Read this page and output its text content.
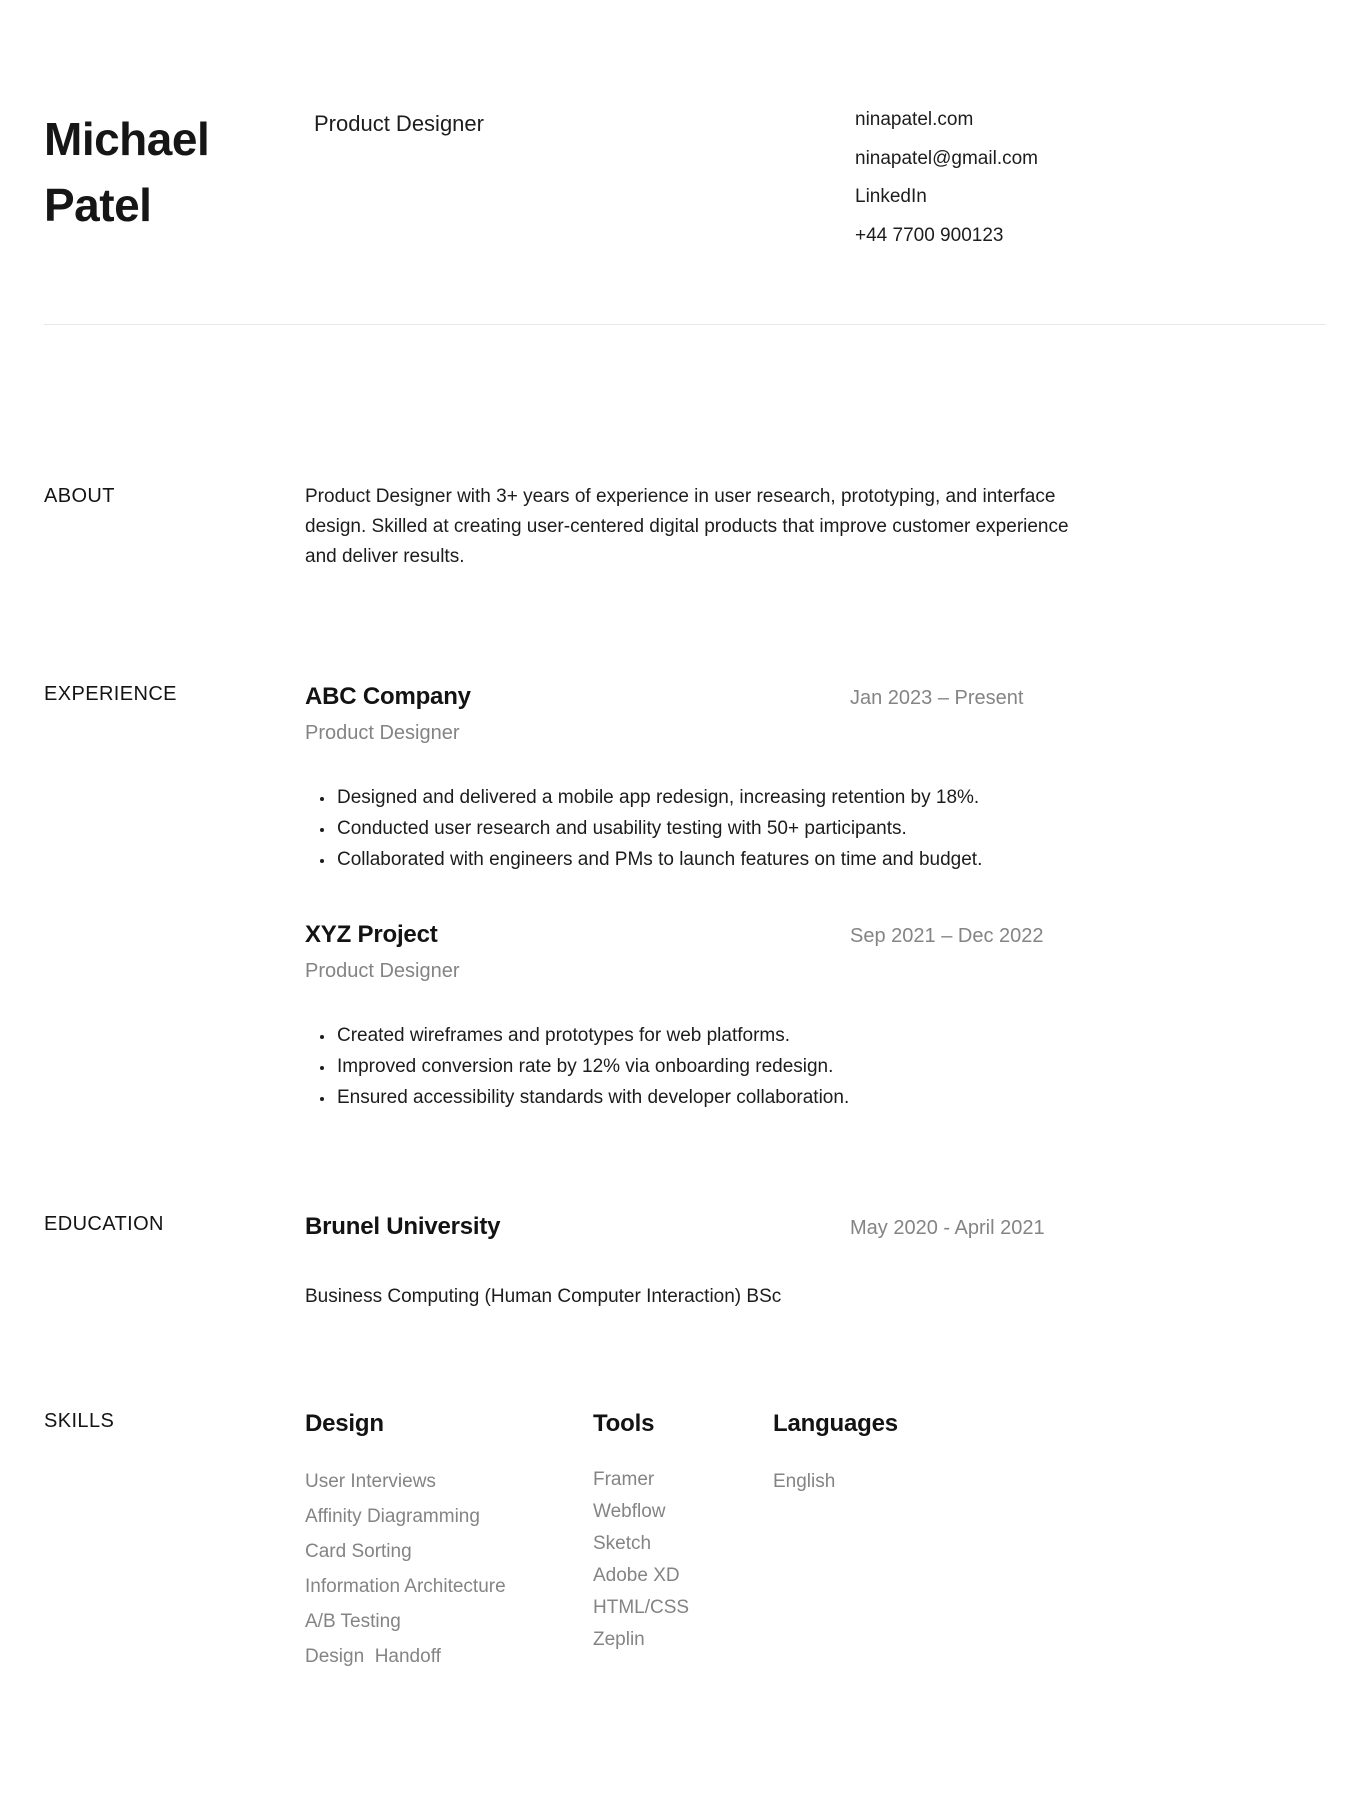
Michael Patel
Product Designer	ninapatel.com
ninapatel@gmail.com
LinkedIn
+44 7700 900123
ABOUT	Product Designer with 3+ years of experience in user research, prototyping, and interface design. Skilled at creating user-centered digital products that improve customer experience and deliver results.

EXPERIENCE	ABC Company	Jan 2023 – Present
Product Designer
• Designed and delivered a mobile app redesign, increasing retention by 18%.
• Conducted user research and usability testing with 50+ participants.
• Collaborated with engineers and PMs to launch features on time and budget.
XYZ Project	Sep 2021 – Dec 2022
Product Designer
• Created wireframes and prototypes for web platforms.
• Improved conversion rate by 12% via onboarding redesign.
• Ensured accessibility standards with developer collaboration.
EDUCATION	Brunel University	May 2020 - April 2021
Business Computing (Human Computer Interaction) BSc
SKILLS	Design
User Interviews
Affinity Diagramming
Card Sorting
Information Architecture
A/B Testing
Design  Handoff
Tools
Framer
Webflow
Sketch
Adobe XD
HTML/CSS
Zeplin
Languages
English
